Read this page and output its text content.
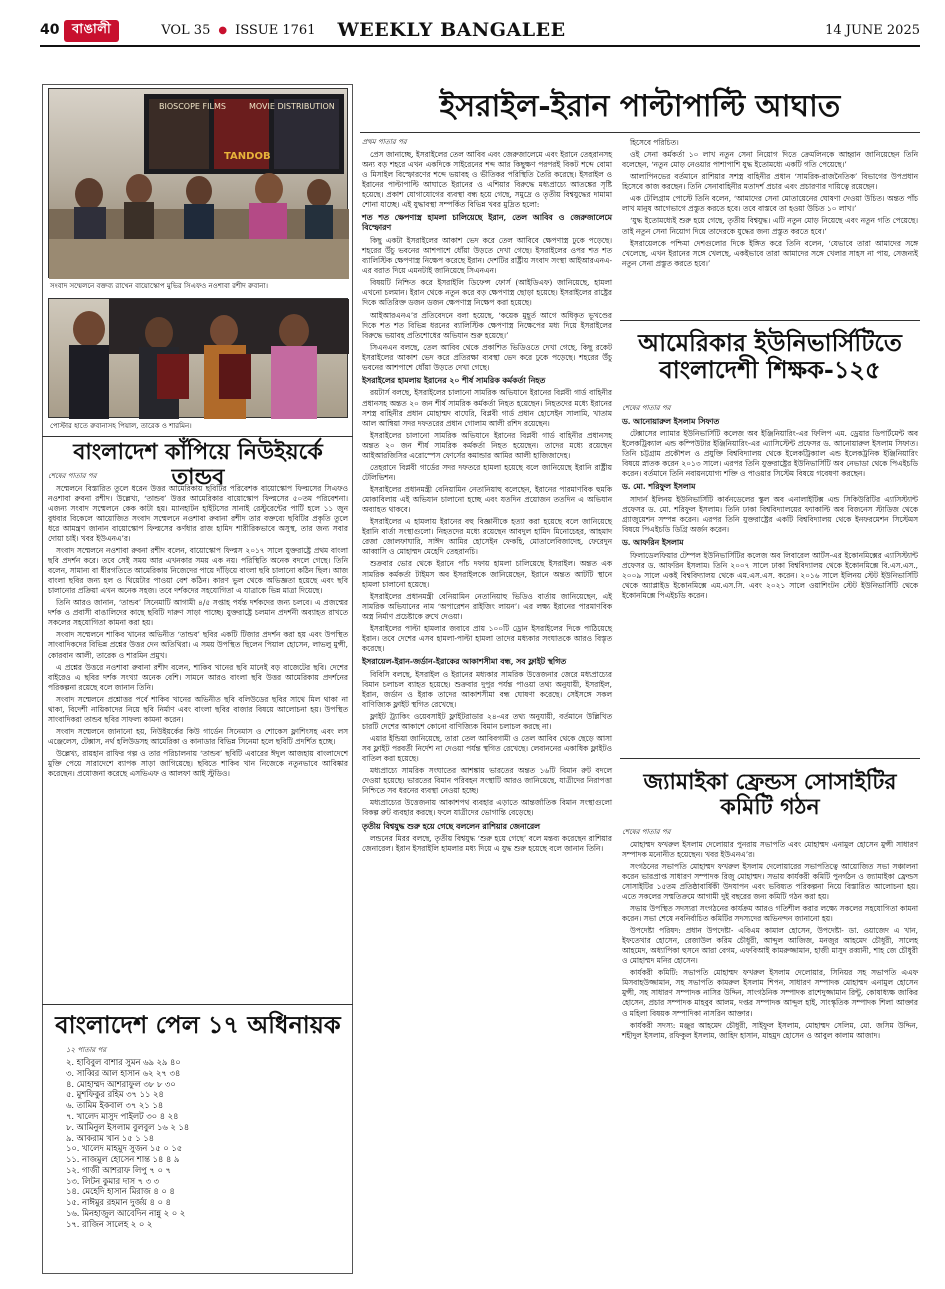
40 বাঙালী	VOL 35 ● ISSUE 1761 WEEKLY BANGALEE	14 JUNE 2025
BIOSCOPE FILMS	MOVIE DISTRIBUTION
TANDOB
সংবাদ সম্মেলনে বক্তব্য রাখেন বায়োস্কোপ মুভির সিএফও নওশাবা রশীদ রুবানা।
পোস্টার হাতে রুবানাসহ পিয়াল, তারেক ও শারমিন।
বাংলাদেশ কাঁপিয়ে নিউইয়র্কে তান্ডব
শেষের পাতার পর

সম্মেলনে বিস্তারিত তুলে ধরেন উত্তর আমেরিকায় ছবিটির পরিবেশক বায়োস্কোপ ফিল্মসের সিএফও নওশাবা রুবনা রশীদ। উল্লেখ্য, ‘তান্ডব’ উত্তর আমেরিকার বায়োস্কোপ ফিল্মসের ৫০তম পরিবেশনা। এজন্য সংবাদ সম্মেলনে কেক কাটা হয়। ম্যানহাটন হাইটসের সানাই রেস্টুরেন্টের পার্টি হলে ১১ জুন বুধবার বিকেলে আয়োজিত সংবাদ সম্মেলনে নওশাবা রুবানা রশীদ তার বক্তব্যে ছবিটির প্রকৃতি তুলে ধরে আমন্ত্রণ জানান বায়োস্কোপ ফিল্মসের কর্ণধার রাজ হামিদ শারীরিকভাবে অসুস্থ, তার জন্য সবার দোয়া চাই। খবর ইউএনএ’র।

সংবাদ সম্মেলনে নওশাবা রুবনা রশীদ বলেন, বায়োস্কোপ ফিল্মস ২০১৭ সালে যুক্তরাষ্ট্রে প্রথম বাংলা ছবি প্রদর্শন করে। তবে সেই সময় আর এখনকার সময় এক নয়। পরিস্থিতি অনেক বদলে গেছে। তিনি বলেন, সামান্য বা ধীরগতিতে আমেরিকায় নিজেদের পায়ে দাঁড়িয়ে বাংলা ছবি চালানো কঠিন ছিল। আজ বাংলা ছবির জন্য হল ও থিয়েটার পাওয়া বেশ কঠিন। কারণ ভুল থেকে অভিজ্ঞতা হয়েছে এবং ছবি চালানোর প্রক্রিয়া এখন অনেক সহজ। তবে দর্শকদের সহযোগিতা এ যাত্রাকে ভিন্ন মাত্রা দিয়েছে।

তিনি আরও জানান, ‘তান্ডব’ সিনেমাটি আগামী ৪/৫ সপ্তাহ পর্যন্ত দর্শকদের জন্য চলবে। এ প্রজন্মের দর্শক ও প্রবাসী বাঙালিদের কাছে ছবিটি দারুণ সাড়া পাচ্ছে। যুক্তরাষ্ট্রে চলমান প্রদর্শনী অব্যাহত রাখতে সকলের সহযোগিতা কামনা করা হয়।

সংবাদ সম্মেলনে শাকিব খানের অভিনীত ‘তান্ডব’ ছবির একটি টিজার প্রদর্শন করা হয় এবং উপস্থিত সাংবাদিকদের বিভিন্ন প্রশ্নের উত্তর দেন অতিথিরা। এ সময় উপস্থিত ছিলেন পিয়াল হোসেন, লাভলু মুন্সী, কোরবান আলী, তারেক ও শারমিন প্রমুখ।

এ প্রশ্নের উত্তরে নওশাবা রুবানা রশীদ বলেন, শাকিব খানের ছবি মানেই বড় বাজেটের ছবি। দেশের বাইরেও এ ছবির দর্শক সংখ্যা অনেক বেশি। সামনে আরও বাংলা ছবি উত্তর আমেরিকায় প্রদর্শনের পরিকল্পনা রয়েছে বলে জানান তিনি।

সংবাদ সম্মেলনে প্রশ্নোত্তর পর্বে শাকিব খানের অভিনীত ছবি বলিউডের ছবির সাথে মিল থাকা না থাকা, বিদেশী নায়িকাদের নিয়ে ছবি নির্মাণ এবং বাংলা ছবির বাজার বিষয়ে আলোচনা হয়। উপস্থিত সাংবাদিকরা তান্ডব ছবির সাফল্য কামনা করেন।

সংবাদ সম্মেলনে জানানো হয়, নিউইয়র্কের কিউ গার্ডেন সিনেমাস ও শোকেস ফ্লাশিংসহ এবং লস এঞ্জেলেস, টেক্সাস, নর্থ হলিউডসহ আমেরিকা ও কানাডার বিভিন্ন সিনেমা হলে ছবিটি প্রদর্শিত হচ্ছে।

উল্লেখ্য, রায়হান রাফির গল্প ও তার পরিচালনায় ‘তান্ডব’ ছবিটি এবারের ঈদুল আজহায় বাংলাদেশে মুক্তি পেয়ে সারাদেশে ব্যাপক সাড়া জাগিয়েছে। ছবিতে শাকিব খান নিজেকে নতুনভাবে আবিষ্কার করেছেন। প্রযোজনা করেছে এসভিএফ ও আলফা আই স্টুডিও।

বাংলাদেশ পেল ১৭ অধিনায়ক
১২ পাতার পর
২. হাবিবুল বাশার সুমন ৬৯ ২৯ ৪০
৩. সাব্বির আল হাসান ৬২ ২৭ ৩৪
৪. মোহাম্মদ আশরাফুল ৩৮ ৮ ৩০
৫. মুশফিকুর রহিম ৩৭ ১১ ২৪
৬. তামিম ইকবাল ৩৭ ২১ ১৪
৭. খালেদ মাসুদ পাইলট ৩০ ৪ ২৪
৮. আমিনুল ইসলাম বুলবুল ১৬ ২ ১৪
৯. আকরাম খান ১৫ ১ ১৪
১০. খালেদ মাহমুদ সুজন ১৫ ০ ১৫
১১. নাজমুল হোসেন শান্ত ১৪ ৪ ৯
১২. গাজী আশরাফ লিপু ৭ ০ ৭
১৩. লিটন কুমার দাস ৭ ৩ ৩
১৪. মেহেদি হাসান মিরাজ ৪ ০ ৪
১৫. নাঈমুর রহমান দুর্জয় ৪ ০ ৪
১৬. মিনহাজুল আবেদিন নান্নু ২ ০ ২
১৭. রাজিন সালেহ ২ ০ ২
ইসরাইল-ইরান পাল্টাপাল্টি আঘাত
প্রথম পাতার পর

প্রেস জানাচ্ছে, ইসরাইলের তেল আবিব এবং জেরুজালেমে এবং ইরানে তেহরানসহ অন্য বড় শহরে এখন একদিকে সাইরেনের শব্দ আর কিছুক্ষণ পরপরই বিকট শব্দে বোমা ও মিসাইল বিস্ফোরণের শব্দে ভয়াবহ ও ভীতিকর পরিস্থিতি তৈরি করেছে। ইসরাইল ও ইরানের পাল্টাপাল্টি আঘাতে ইরানের ও এশিয়ার বিরুদ্ধে মধ্যপ্রাচ্যে আতঙ্কের সৃষ্টি হয়েছে। প্রকাশ যোগাযোগের ব্যবস্থা বন্ধ হয়ে গেছে, সমুদ্রে ও তৃতীয় বিশ্বযুদ্ধের দামামা শোনা যাচ্ছে। এই যুদ্ধাবস্থা সম্পর্কিত বিভিন্ন খবর মুদ্রিত হলো:

শত শত ক্ষেপণাস্ত্র হামলা চালিয়েছে ইরান, তেল আবিব ও জেরুজালেমে বিস্ফোরণ

কিছু একটা ইসরাইলের আকাশ ভেদ করে তেল আবিবে ক্ষেপণাস্ত্র ঢুকে পড়েছে। শহরের উঁচু ভবনের আশপাশে ধোঁয়া উড়তে দেখা গেছে। ইসরাইলের ওপর শত শত ব্যালিস্টিক ক্ষেপণাস্ত্র নিক্ষেপ করেছে ইরান। দেশটির রাষ্ট্রীয় সংবাদ সংস্থা আইআরএনএ-এর বরাত দিয়ে এমনটাই জানিয়েছে সিএনএন।

বিষয়টি নিশ্চিত করে ইসরাইলি ডিফেন্স ফোর্স (আইডিএফ) জানিয়েছে, হামলা এখনো চলমান। ইরান থেকে নতুন করে বড় ক্ষেপণাস্ত্র ছোড়া হয়েছে। ইসরাইলের রাষ্ট্রের দিকে অতিরিক্ত ডজন ডজন ক্ষেপণাস্ত্র নিক্ষেপ করা হয়েছে।

আইআরএনএ’র প্রতিবেদনে বলা হয়েছে, ‘কয়েক মুহূর্ত আগে অধিকৃত ভূখণ্ডের দিকে শত শত বিভিন্ন ধরনের ব্যালিস্টিক ক্ষেপণাস্ত্র নিক্ষেপের মধ্য দিয়ে ইসরাইলের বিরুদ্ধে ভয়াবহ প্রতিশোধের অভিযান শুরু হয়েছে।’

সিএনএন বলছে, তেল আবিব থেকে প্রকাশিত ভিডিওতে দেখা গেছে, কিছু রকেট ইসরাইলের আকাশ ভেদ করে প্রতিরক্ষা ব্যবস্থা ভেদ করে ঢুকে পড়েছে। শহরের উঁচু ভবনের আশপাশে ধোঁয়া উড়তে দেখা গেছে।

ইসরাইলের হামলায় ইরানের ২০ শীর্ষ সামরিক কর্মকর্তা নিহত

রয়টার্স বলছে, ইসরাইলের চালানো সামরিক অভিযানে ইরানের বিপ্লবী গার্ড বাহিনীর প্রধানসহ অন্তত ২০ জন শীর্ষ সামরিক কর্মকর্তা নিহত হয়েছেন। নিহতদের মধ্যে ইরানের সশস্ত্র বাহিনীর প্রধান মোহাম্মদ বাঘেরি, বিপ্লবী গার্ড প্রধান হোসেইন সালামি, খাতাম আল আম্বিয়া সদর দফতরের প্রধান গোলাম আলী রশিদ রয়েছেন।

ইসরাইলের চালানো সামরিক অভিযানে ইরানের বিপ্লবী গার্ড বাহিনীর প্রধানসহ অন্তত ২০ জন শীর্ষ সামরিক কর্মকর্তা নিহত হয়েছেন। তাদের মধ্যে রয়েছেন আইআরজিসির এরোস্পেস ফোর্সের কমান্ডার আমির আলী হাজিজাদেহ।

তেহরানে বিপ্লবী গার্ডের সদর দফতরে হামলা হয়েছে বলে জানিয়েছে ইরানি রাষ্ট্রীয় টেলিভিশন।

ইসরাইলের প্রধানমন্ত্রী বেনিয়ামিন নেতানিয়াহু বলেছেন, ইরানের পারমাণবিক হুমকি মোকাবিলায় এই অভিযান চালানো হচ্ছে এবং যতদিন প্রয়োজন ততদিন এ অভিযান অব্যাহত থাকবে।

ইসরাইলের এ হামলায় ইরানের বহু বিজ্ঞানীকে হত্যা করা হয়েছে বলে জানিয়েছে ইরানি বার্তা সংস্থাগুলো। নিহতদের মধ্যে রয়েছেন আবদুল হামিদ মিনোচেহর, আহমাদ রেজা জোলফাঘারি, সাঈদ আমির হোসেইন ফেকহি, মোতালেবিজাদেহ, ফেরেদুন আব্বাসি ও মোহাম্মদ মেহেদি তেহরানচি।

শুক্রবার ভোর থেকে ইরানে পাঁচ দফায় হামলা চালিয়েছে ইসরাইল। অন্তত এক সামরিক কর্মকর্তা টাইমস অব ইসরাইলকে জানিয়েছেন, ইরানে অন্তত আটটি স্থানে হামলা চালানো হয়েছে।

ইসরাইলের প্রধানমন্ত্রী বেনিয়ামিন নেতানিয়াহু ভিডিও বার্তায় জানিয়েছেন, এই সামরিক অভিযানের নাম ‘অপারেশন রাইজিং লায়ন’। এর লক্ষ্য ইরানের পারমাণবিক অস্ত্র নির্মাণ প্রচেষ্টাকে রুখে দেওয়া।

ইসরাইলের পাল্টা হামলার জবাবে প্রায় ১০০টি ড্রোন ইসরাইলের দিকে পাঠিয়েছে ইরান। তবে দেশের এসব হামলা-পাল্টা হামলা তাদের মধ্যকার সংঘাতকে আরও বিস্তৃত করেছে।

ইসরায়েল-ইরান-জর্ডান-ইরাকের আকাশসীমা বন্ধ, সব ফ্লাইট স্থগিত

বিবিসি বলছে, ইসরাইল ও ইরানের মধ্যকার সামরিক উত্তেজনার জেরে মধ্যপ্রাচ্যের বিমান চলাচল ব্যাহত হয়েছে। শুক্রবার দুপুর পর্যন্ত পাওয়া তথ্য অনুযায়ী, ইসরাইল, ইরান, জর্ডান ও ইরাক তাদের আকাশসীমা বন্ধ ঘোষণা করেছে। সেইসঙ্গে সকল বাণিজ্যিক ফ্লাইট স্থগিত রেখেছে।

ফ্লাইট ট্র্যাকিং ওয়েবসাইট ফ্লাইটরাডার ২৪-এর তথ্য অনুযায়ী, বর্তমানে উল্লিখিত চারটি দেশের আকাশে কোনো বাণিজ্যিক বিমান চলাচল করছে না।

এয়ার ইন্ডিয়া জানিয়েছে, তারা তেল আবিবগামী ও তেল আবিব থেকে ছেড়ে আসা সব ফ্লাইট পরবর্তী নির্দেশ না দেওয়া পর্যন্ত স্থগিত রেখেছে। লেবাননের একাধিক ফ্লাইটও বাতিল করা হয়েছে।

মধ্যপ্রাচ্যে সামরিক সংঘাতের আশঙ্কায় ভারতের অন্তত ১৬টি বিমান রুট বদলে দেওয়া হয়েছে। ভারতের বিমান পরিবহন সংস্থাটি আরও জানিয়েছে, যাত্রীদের নিরাপত্তা নিশ্চিতে সব ধরনের ব্যবস্থা নেওয়া হচ্ছে।

মধ্যপ্রাচ্যের উত্তেজনায় আকাশপথ ব্যবহার এড়াতে আন্তর্জাতিক বিমান সংস্থাগুলো বিকল্প রুট ব্যবহার করছে। ফলে যাত্রীদের ভোগান্তি বেড়েছে।

তৃতীয় বিশ্বযুদ্ধ শুরু হয়ে গেছে বললেন রাশিয়ার জেনারেল

লন্ডনের মিরর বলছে, তৃতীয় বিশ্বযুদ্ধ ‘শুরু হয়ে গেছে’ বলে মন্তব্য করেছেন রাশিয়ার জেনারেল। ইরান ইসরাইলি হামলার মধ্য দিয়ে এ যুদ্ধ শুরু হয়েছে বলে জানান তিনি।

হিসেবে পরিচিত।

ওই সেনা কর্মকর্তা ১০ লাখ নতুন সেনা নিয়োগ দিতে ক্রেমলিনকে আহ্বান জানিয়েছেন তিনি বলেছেন, ‘নতুন মোড় নেওয়ার পাশাপাশি যুদ্ধ ইতোমধ্যে একটি গতি পেয়েছে।’

আলাপিনভের বর্তমানে রাশিয়ার সশস্ত্র বাহিনীর প্রধান ‘সামরিক-রাজনৈতিক’ বিভাগের উপপ্রধান হিসেবে কাজ করছেন। তিনি সেনাবাহিনীর মতাদর্শ প্রচার এবং প্রচারণার দায়িত্বে রয়েছেন।

এক টেলিগ্রাম পোস্টে তিনি বলেন, ‘আমাদের সেনা মোতায়েনের ঘোষণা দেওয়া উচিত। অন্তত পাঁচ লাখ মানুষ আগেভাগে প্রস্তুত করতে হবে। তবে বাস্তবে তা হওয়া উচিত ১০ লাখ।’

‘যুদ্ধ ইতোমধ্যেই শুরু হয়ে গেছে, তৃতীয় বিশ্বযুদ্ধ। এটি নতুন মোড় নিয়েছে এবং নতুন গতি পেয়েছে। তাই নতুন সেনা নিয়োগ দিয়ে তাদেরকে যুদ্ধের জন্য প্রস্তুত করতে হবে।’

ইসরায়েলকে পশ্চিমা দেশগুলোর দিকে ইঙ্গিত করে তিনি বলেন, ‘যেভাবে তারা আমাদের সঙ্গে খেলেছে, এখন ইরানের সঙ্গে খেলছে, একইভাবে তারা আমাদের সঙ্গে খেলার সাহস না পায়, সেজন্যই নতুন সেনা প্রস্তুত করতে হবে।’

আমেরিকার ইউনিভার্সিটিতে বাংলাদেশী শিক্ষক-১২৫
শেষের পাতার পর
ড. আনোয়ারুল ইসলাম সিফাত

টেক্সাসের ল্যামার ইউনিভার্সিটি কলেজ অব ইঞ্জিনিয়ারিং-এর ফিলিপ এম. ড্রেয়ার ডিপার্টমেন্ট অব ইলেকট্রিক্যাল এন্ড কম্পিউটার ইঞ্জিনিয়ারিং-এর এ্যাসিস্টেন্ট প্রফেসর ড. আনোয়ারুল ইসলাম সিফাত। তিনি চট্টগ্রাম প্রকৌশল ও প্রযুক্তি বিশ্ববিদ্যালয় থেকে ইলেকট্রিক্যাল এন্ড ইলেকট্রনিক ইঞ্জিনিয়ারিং বিষয়ে স্নাতক করেন ২০১৩ সালে। এরপর তিনি যুক্তরাষ্ট্রের ইউনিভার্সিটি অব নেভাডা থেকে পিএইচডি করেন। বর্তমানে তিনি নবায়নযোগ্য শক্তি ও পাওয়ার সিস্টেম বিষয়ে গবেষণা করছেন।

ড. মো. শরিফুল ইসলাম

সাদার্ন ইলিনয় ইউনিভার্সিটি কার্বনডেলের স্কুল অব এনালাইটিক্স এন্ড সিকিউরিটির এ্যাসিস্ট্যান্ট প্রফেসর ড. মো. শরিফুল ইসলাম। তিনি ঢাকা বিশ্ববিদ্যালয়ের ফ্যাকাল্টি অব বিজনেস স্টাডিজ থেকে গ্র্যাজুয়েশন সম্পন্ন করেন। এরপর তিনি যুক্তরাষ্ট্রের একটি বিশ্ববিদ্যালয় থেকে ইনফরমেশন সিস্টেমস বিষয়ে পিএইচডি ডিগ্রি অর্জন করেন।

ড. আফরিন ইসলাম

ফিলাডেলফিয়ার টেম্পল ইউনিভার্সিটির কলেজ অব লিবারেল আর্টস-এর ইকোনমিক্সের এ্যাসিস্ট্যান্ট প্রফেসর ড. আফরিন ইসলাম। তিনি ২০০৭ সালে ঢাকা বিশ্ববিদ্যালয় থেকে ইকোনমিক্সে বি.এস.এস., ২০০৯ সালে একই বিশ্ববিদ্যালয় থেকে এম.এস.এস. করেন। ২০১৬ সালে ইলিনয় স্টেট ইউনিভার্সিটি থেকে অ্যাপ্লাইড ইকোনমিক্সে এম.এস.সি. এবং ২০২১ সালে ওয়াশিংটন স্টেট ইউনিভার্সিটি থেকে ইকোনমিক্সে পিএইচডি করেন।

জ্যামাইকা ফ্রেন্ডস সোসাইটির কমিটি গঠন
শেষের পাতার পর

মোহাম্মদ ফখরুল ইসলাম দেলোয়ার পুনরায় সভাপতি এবং মোহাম্মদ এনামুল হোসেন মুন্সী সাধারণ সম্পাদক মনোনীত হয়েছেন। খবর ইউএনএ’র।

সংগঠনের সভাপতি মোহাম্মদ ফখরুল ইসলাম দেলোয়ারের সভাপতিত্বে আয়োজিত সভা সঞ্চালনা করেন ভারপ্রাপ্ত সাধারণ সম্পাদক রিজু মোহাম্মদ। সভায় কার্যকরী কমিটি পুনর্গঠন ও জ্যামাইকা ফ্রেন্ডস সোসাইটির ১৫তম প্রতিষ্ঠাবার্ষিকী উদযাপন এবং ভবিষ্যত পরিকল্পনা নিয়ে বিস্তারিত আলোচনা হয়। এতে সকলের সম্মতিক্রমে আগামী দুই বছরের জন্য কমিটি গঠন করা হয়।

সভায় উপস্থিত সদস্যরা সংগঠনের কার্যক্রম আরও গতিশীল করার লক্ষ্যে সকলের সহযোগিতা কামনা করেন। সভা শেষে নবনির্বাচিত কমিটির সদস্যদের অভিনন্দন জানানো হয়।

উপদেষ্টা পরিষদ: প্রধান উপদেষ্টা- এবিএম কামাল হোসেন, উপদেষ্টা- ডা. ওয়াজেদ এ খান, ইফতেখার হোসেন, রেজাউল করিম চৌধুরী, আব্দুল আজিজ, মনজুর আহমেদ চৌধুরী, সালেহ আহমেদ, অধ্যাপিকা হুসনে আরা বেগম, এফবিআই কামরুজ্জামান, হাজী মাসুদ রব্বানী, শাহ জে চৌধুরী ও মোহাম্মদ মনির হোসেন।

কার্যকরী কমিটি: সভাপতি মোহাম্মদ ফখরুল ইসলাম দেলোয়ার, সিনিয়র সহ সভাপতি এএফ মিসবাহউজ্জামান, সহ সভাপতি কামরুল ইসলাম শিপন, সাধারণ সম্পাদক মোহাম্মদ এনামুল হোসেন মুন্সী, সহ সাধারণ সম্পাদক নাসির উদ্দিন, সাংগঠনিক সম্পাদক রাশেদুজ্জামান রিন্টু, কোষাধ্যক্ষ জাকির হোসেন, প্রচার সম্পাদক মাহবুব আলম, দপ্তর সম্পাদক আব্দুল হাই, সাংস্কৃতিক সম্পাদক শিলা আক্তার ও মহিলা বিষয়ক সম্পাদিকা নাসরিন আক্তার।

কার্যকরী সদস্য: মঞ্জুর আহমেদ চৌধুরী, সাইফুল ইসলাম, মোহাম্মদ সেলিম, মো. জসিম উদ্দিন, শহীদুল ইসলাম, রফিকুল ইসলাম, জাহিদ হাসান, মাহমুদ হোসেন ও আবুল কালাম আজাদ।
